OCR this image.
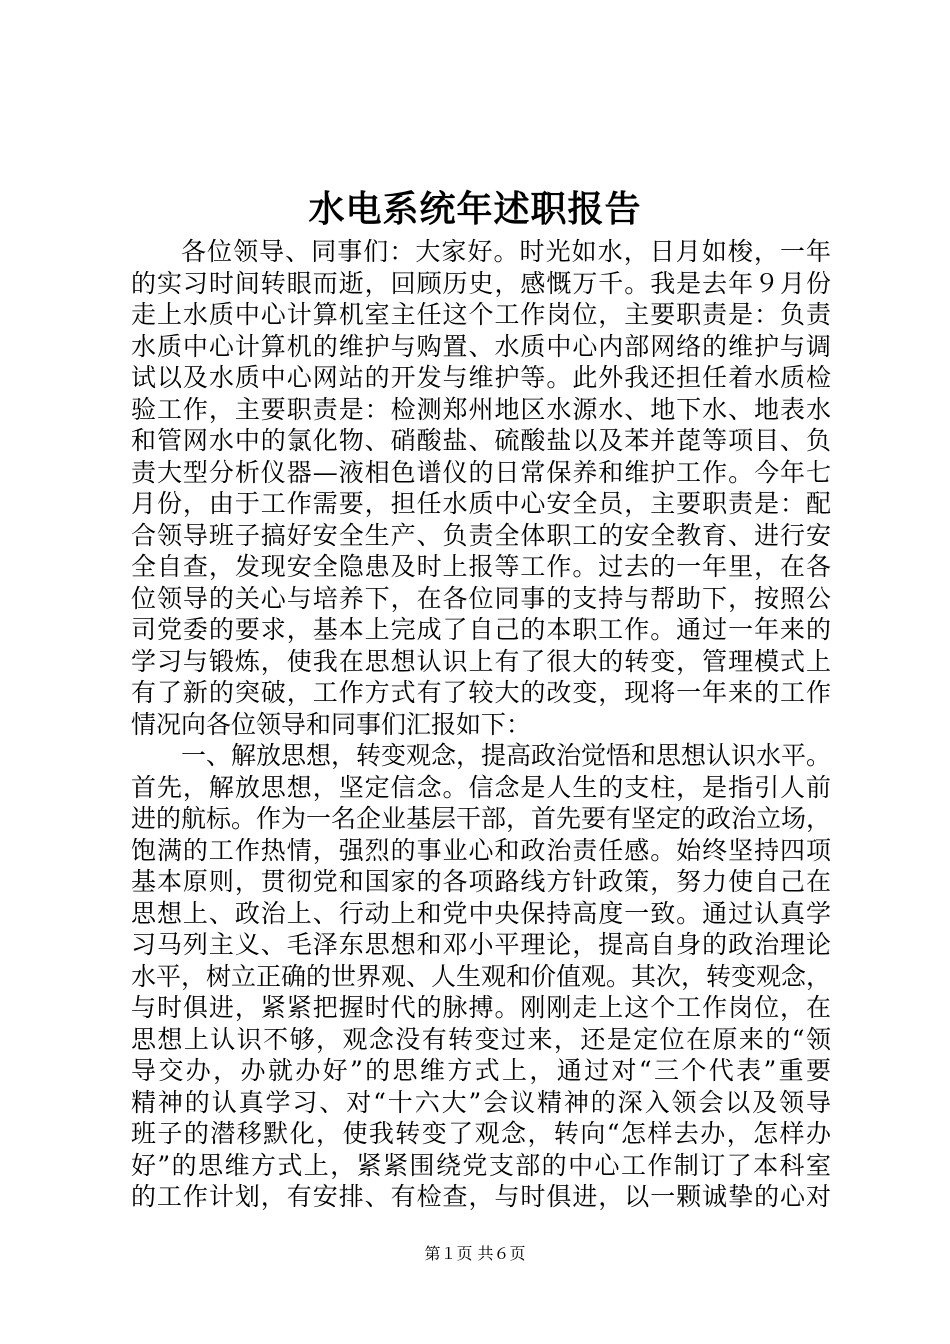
水电系统年述职报告
各位领导、同事们：大家好。时光如水，日月如梭，一年
的实习时间转眼而逝，回顾历史，感慨万千。我是去年９月份
走上水质中心计算机室主任这个工作岗位，主要职责是：负责
水质中心计算机的维护与购置、水质中心内部网络的维护与调
试以及水质中心网站的开发与维护等。此外我还担任着水质检
验工作，主要职责是：检测郑州地区水源水、地下水、地表水
和管网水中的氯化物、硝酸盐、硫酸盐以及苯并萞等项目、负
责大型分析仪器—液相色谱仪的日常保养和维护工作。今年七
月份，由于工作需要，担任水质中心安全员，主要职责是：配
合领导班子搞好安全生产、负责全体职工的安全教育、进行安
全自查，发现安全隐患及时上报等工作。过去的一年里，在各
位领导的关心与培养下，在各位同事的支持与帮助下，按照公
司党委的要求，基本上完成了自己的本职工作。通过一年来的
学习与锻炼，使我在思想认识上有了很大的转变，管理模式上
有了新的突破，工作方式有了较大的改变，现将一年来的工作
情况向各位领导和同事们汇报如下：
一、解放思想，转变观念，提高政治觉悟和思想认识水平。
首先，解放思想，坚定信念。信念是人生的支柱，是指引人前
进的航标。作为一名企业基层干部，首先要有坚定的政治立场，
饱满的工作热情，强烈的事业心和政治责任感。始终坚持四项
基本原则，贯彻党和国家的各项路线方针政策，努力使自己在
思想上、政治上、行动上和党中央保持高度一致。通过认真学
习马列主义、毛泽东思想和邓小平理论，提高自身的政治理论
水平，树立正确的世界观、人生观和价值观。其次，转变观念，
与时俱进，紧紧把握时代的脉搏。刚刚走上这个工作岗位，在
思想上认识不够，观念没有转变过来，还是定位在原来的“领
导交办，办就办好”的思维方式上，通过对“三个代表”重要
精神的认真学习、对“十六大”会议精神的深入领会以及领导
班子的潜移默化，使我转变了观念，转向“怎样去办，怎样办
好”的思维方式上，紧紧围绕党支部的中心工作制订了本科室
的工作计划，有安排、有检查，与时俱进，以一颗诚挚的心对
第１页 共６页
